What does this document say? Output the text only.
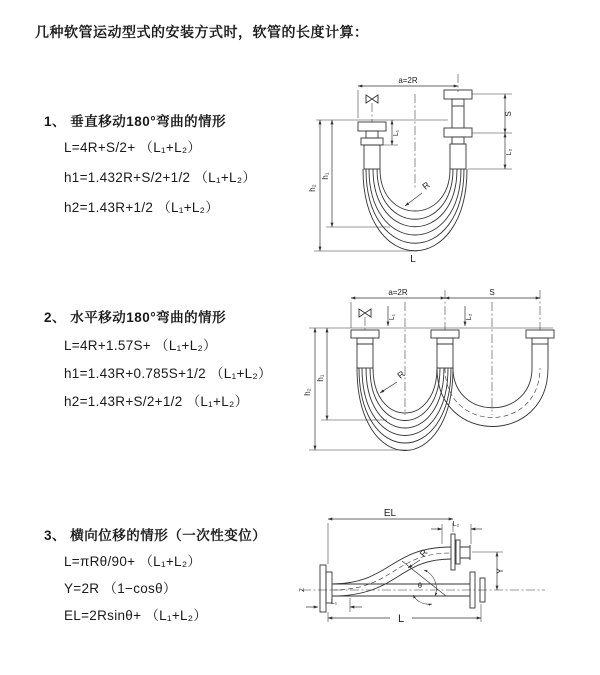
几种软管运动型式的安装方式时，软管的长度计算：
1、 垂直移动180°弯曲的情形
L=4R+S/2+ （L₁+L₂）
h1=1.432R+S/2+1/2 （L₁+L₂）
h2=1.43R+1/2 （L₁+L₂）
a=2R
h₂
h₁
L₁
S
L₂
R
L
2、 水平移动180°弯曲的情形
L=4R+1.57S+ （L₁+L₂）
h1=1.43R+0.785S+1/2 （L₁+L₂）
h2=1.43R+S/2+1/2 （L₁+L₂）
a=2R	S
h₂
h₁
L₁	L₂
R
3、 横向位移的情形（一次性变位）
L=πRθ/90+ （L₁+L₂）
Y=2R （1−cosθ）
EL=2Rsinθ+ （L₁+L₂）
EL
L₂
Y
L
L₁
R
θ
Z
